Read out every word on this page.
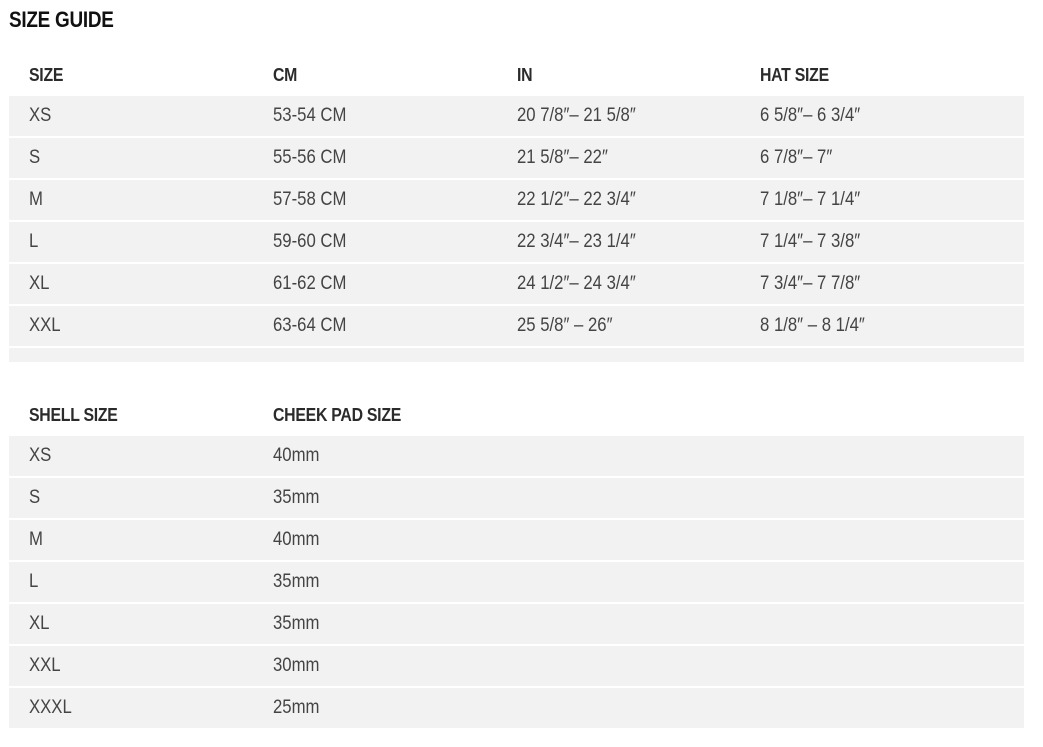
SIZE GUIDE
SIZE	CM	IN	HAT SIZE
XS	53-54 CM	20 7/8″– 21 5/8″	6 5/8″– 6 3/4″
S	55-56 CM	21 5/8″– 22″	6 7/8″– 7″
M	57-58 CM	22 1/2″– 22 3/4″	7 1/8″– 7 1/4″
L	59-60 CM	22 3/4″– 23 1/4″	7 1/4″– 7 3/8″
XL	61-62 CM	24 1/2″– 24 3/4″	7 3/4″– 7 7/8″
XXL	63-64 CM	25 5/8″ – 26″	8 1/8″ – 8 1/4″
SHELL SIZE	CHEEK PAD SIZE
XS	40mm
S	35mm
M	40mm
L	35mm
XL	35mm
XXL	30mm
XXXL	25mm
